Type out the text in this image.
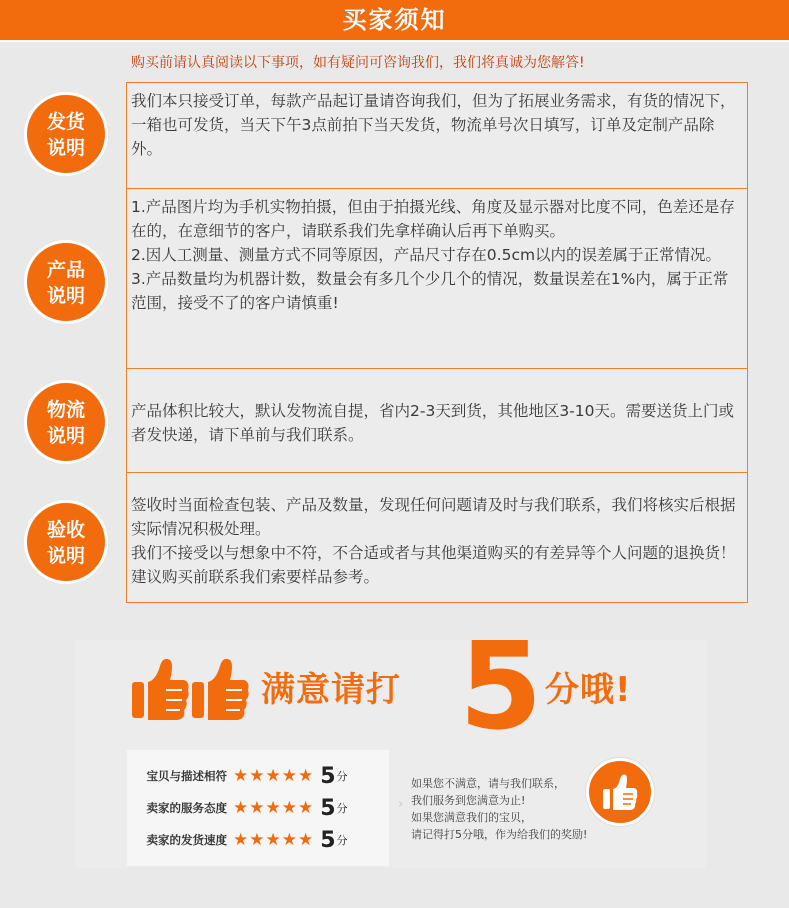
买家须知
购买前请认真阅读以下事项，如有疑问可咨询我们，我们将真诚为您解答!

我们本只接受订单，每款产品起订量请咨询我们，但为了拓展业务需求，有货的情况下，一箱也可发货，当天下午3点前拍下当天发货，物流单号次日填写，订单及定制产品除外。

发货
说明

1.产品图片均为手机实物拍摄，但由于拍摄光线、角度及显示器对比度不同，色差还是存在的，在意细节的客户，请联系我们先拿样确认后再下单购买。

2.因人工测量、测量方式不同等原因，产品尺寸存在0.5cm以内的误差属于正常情况。

3.产品数量均为机器计数，数量会有多几个少几个的情况，数量误差在1%内，属于正常范围，接受不了的客户请慎重!

产品
说明

产品体积比较大，默认发物流自提，省内2-3天到货，其他地区3-10天。需要送货上门或者发快递，请下单前与我们联系。

物流
说明

签收时当面检查包装、产品及数量，发现任何问题请及时与我们联系，我们将核实后根据实际情况积极处理。

我们不接受以与想象中不符，不合适或者与其他渠道购买的有差异等个人问题的退换货！建议购买前联系我们索要样品参考。

验收
说明
满意请打 5 分哦!
宝贝与描述相符 ★★★★★ 5 分
卖家的服务态度 ★★★★★ 5 分
卖家的发货速度 ★★★★★ 5 分
›

如果您不满意，请与我们联系，

我们服务到您满意为止!

如果您满意我们的宝贝，

请记得打5分哦，作为给我们的奖励!
